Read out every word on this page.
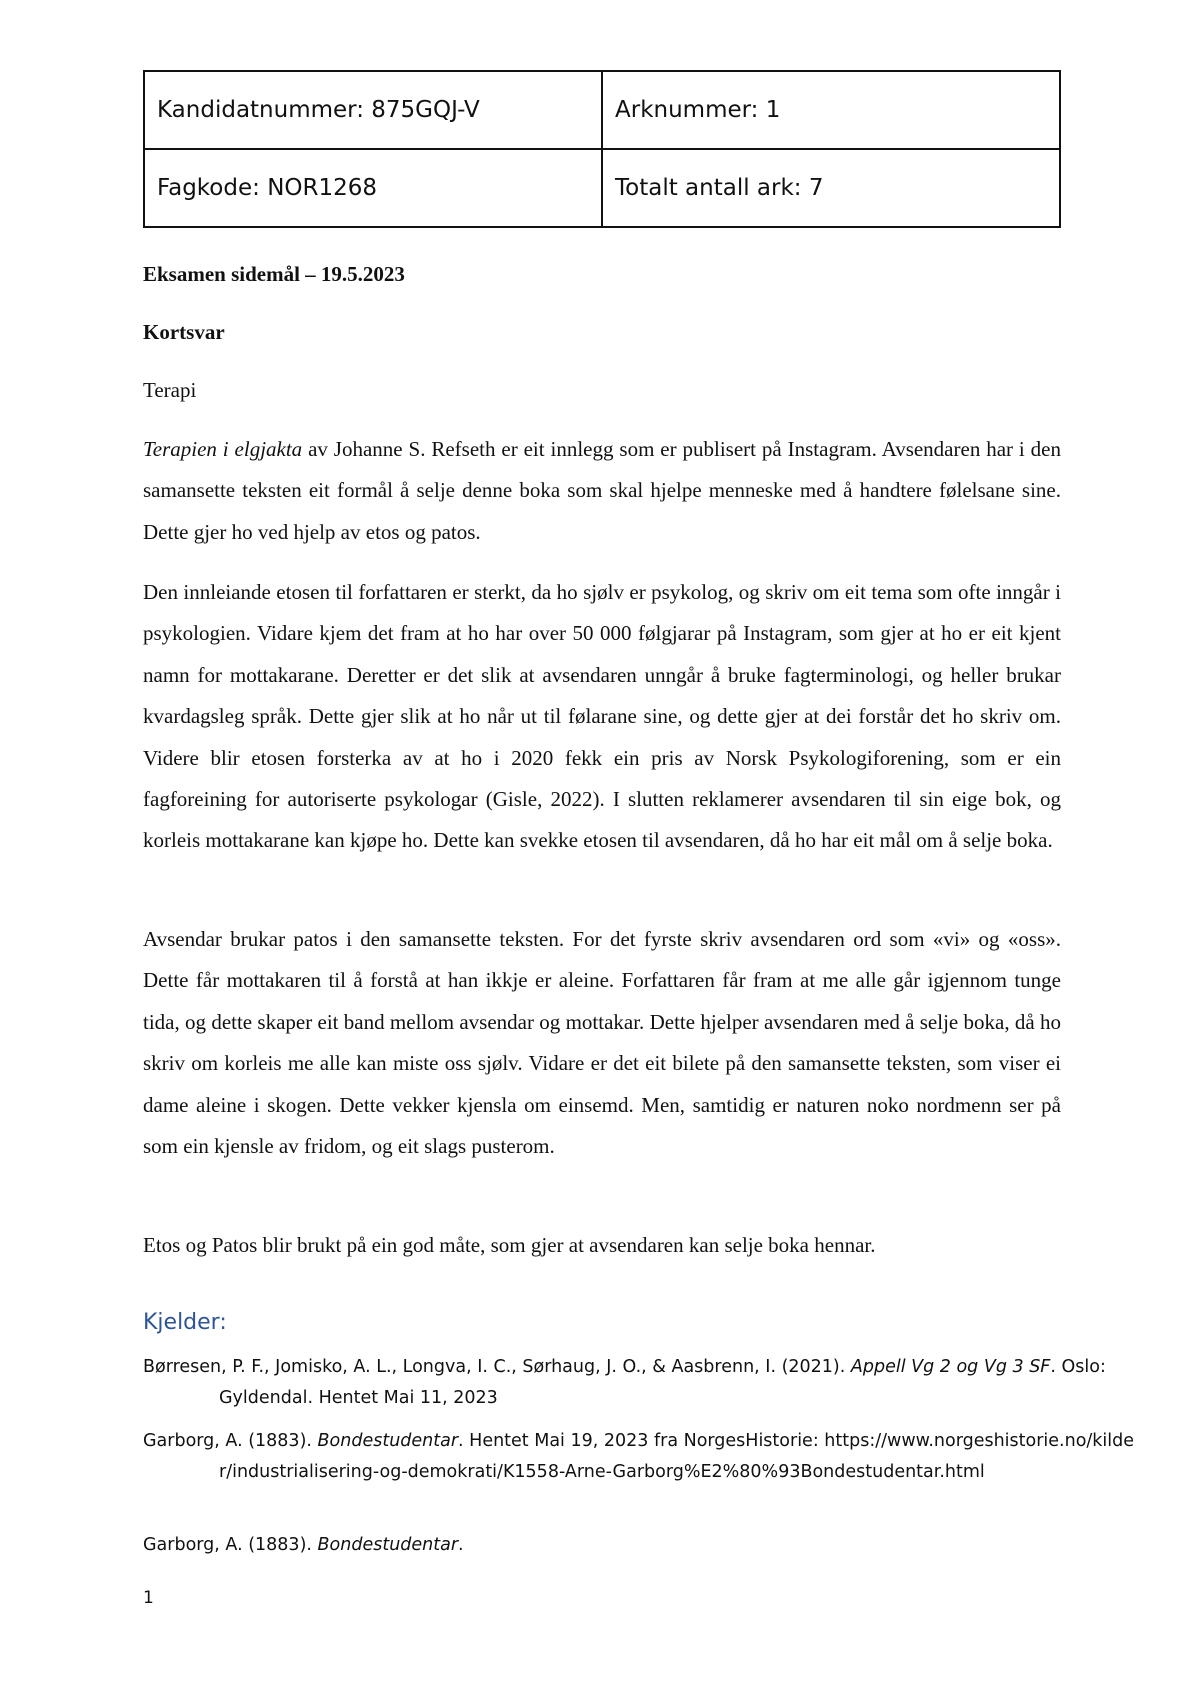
Kandidatnummer: 875GQJ-V	Arknummer: 1
Fagkode: NOR1268	Totalt antall ark: 7

Eksamen sidemål – 19.5.2023

Kortsvar

Terapi

Terapien i elgjakta av Johanne S. Refseth er eit innlegg som er publisert på Instagram. Avsendaren har i den samansette teksten eit formål å selje denne boka som skal hjelpe menneske med å handtere følelsane sine. Dette gjer ho ved hjelp av etos og patos.

Den innleiande etosen til forfattaren er sterkt, da ho sjølv er psykolog, og skriv om eit tema som ofte inngår i psykologien. Vidare kjem det fram at ho har over 50 000 følgjarar på Instagram, som gjer at ho er eit kjent namn for mottakarane. Deretter er det slik at avsendaren unngår å bruke fagterminologi, og heller brukar kvardagsleg språk. Dette gjer slik at ho når ut til følarane sine, og dette gjer at dei forstår det ho skriv om. Videre blir etosen forsterka av at ho i 2020 fekk ein pris av Norsk Psykologiforening, som er ein fagforeining for autoriserte psykologar (Gisle, 2022). I slutten reklamerer avsendaren til sin eige bok, og korleis mottakarane kan kjøpe ho. Dette kan svekke etosen til avsendaren, då ho har eit mål om å selje boka.

Avsendar brukar patos i den samansette teksten. For det fyrste skriv avsendaren ord som «vi» og «oss». Dette får mottakaren til å forstå at han ikkje er aleine. Forfattaren får fram at me alle går igjennom tunge tida, og dette skaper eit band mellom avsendar og mottakar. Dette hjelper avsendaren med å selje boka, då ho skriv om korleis me alle kan miste oss sjølv. Vidare er det eit bilete på den samansette teksten, som viser ei dame aleine i skogen. Dette vekker kjensla om einsemd. Men, samtidig er naturen noko nordmenn ser på som ein kjensle av fridom, og eit slags pusterom.

Etos og Patos blir brukt på ein god måte, som gjer at avsendaren kan selje boka hennar.

Kjelder:

Børresen, P. F., Jomisko, A. L., Longva, I. C., Sørhaug, J. O., & Aasbrenn, I. (2021). Appell Vg 2 og Vg 3 SF. Oslo: Gyldendal. Hentet Mai 11, 2023

Garborg, A. (1883). Bondestudentar. Hentet Mai 19, 2023 fra NorgesHistorie: https://www.norgeshistorie.no/kilder/industrialisering-og-demokrati/K1558-Arne-Garborg%E2%80%93Bondestudentar.html

Garborg, A. (1883). Bondestudentar.

1
